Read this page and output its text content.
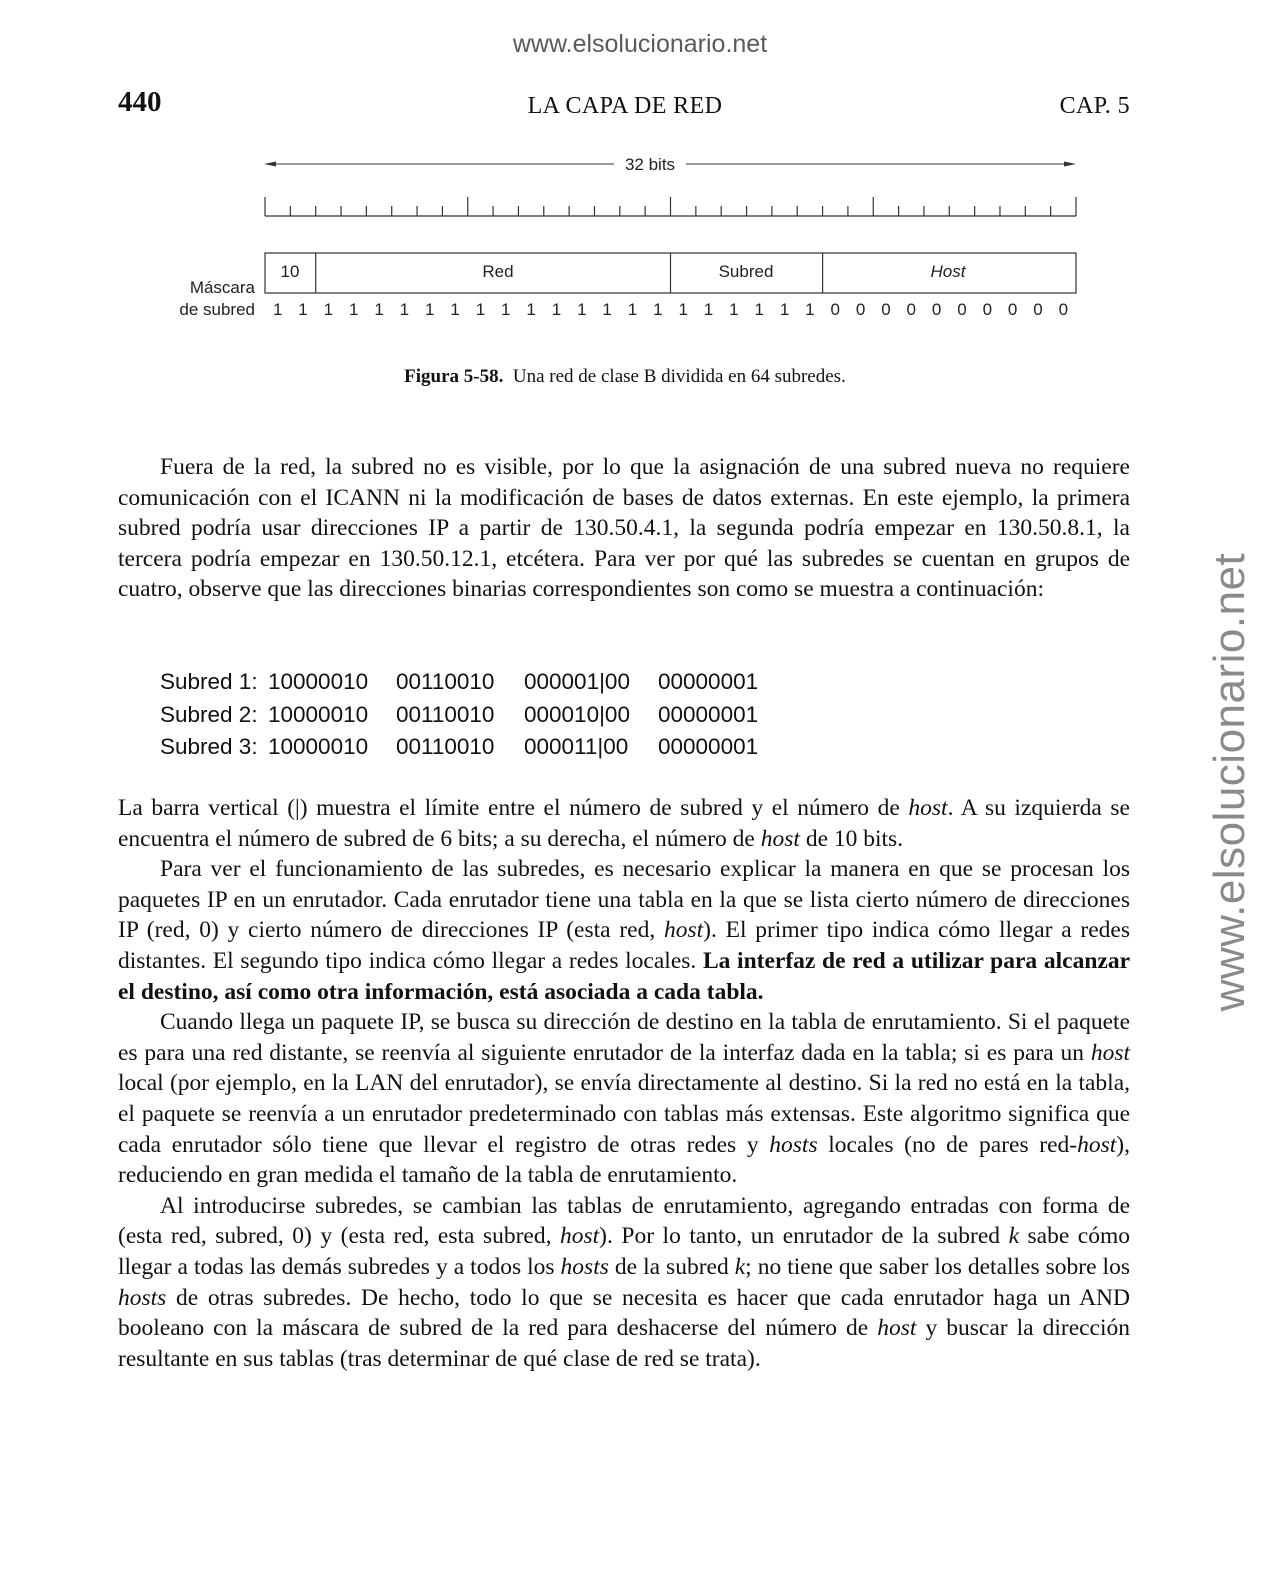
www.elsolucionario.net
www.elsolucionario.net
440	LA CAPA DE RED	CAP. 5
32 bits
10	Red	Subred	Host
Máscara
de subred 1 1 1 1 1 1 1 1 1 1 1 1 1 1 1 1 1 1 1 1 1 1 0 0 0 0 0 0 0 0 0 0
Figura 5-58. Una red de clase B dividida en 64 subredes.

Fuera de la red, la subred no es visible, por lo que la asignación de una subred nueva no requiere comunicación con el ICANN ni la modificación de bases de datos externas. En este ejemplo, la primera subred podría usar direcciones IP a partir de 130.50.4.1, la segunda podría empezar en 130.50.8.1, la tercera podría empezar en 130.50.12.1, etcétera. Para ver por qué las subredes se cuentan en grupos de cuatro, observe que las direcciones binarias correspondientes son como se muestra a continuación:

Subred 1: 10000010 00110010 000001|00 00000001
Subred 2: 10000010 00110010 000010|00 00000001
Subred 3: 10000010 00110010 000011|00 00000001

La barra vertical (|) muestra el límite entre el número de subred y el número de host. A su izquierda se encuentra el número de subred de 6 bits; a su derecha, el número de host de 10 bits.

Para ver el funcionamiento de las subredes, es necesario explicar la manera en que se procesan los paquetes IP en un enrutador. Cada enrutador tiene una tabla en la que se lista cierto número de direcciones IP (red, 0) y cierto número de direcciones IP (esta red, host). El primer tipo indica cómo llegar a redes distantes. El segundo tipo indica cómo llegar a redes locales. La interfaz de red a utilizar para alcanzar el destino, así como otra información, está asociada a cada tabla.

Cuando llega un paquete IP, se busca su dirección de destino en la tabla de enrutamiento. Si el paquete es para una red distante, se reenvía al siguiente enrutador de la interfaz dada en la tabla; si es para un host local (por ejemplo, en la LAN del enrutador), se envía directamente al destino. Si la red no está en la tabla, el paquete se reenvía a un enrutador predeterminado con tablas más extensas. Este algoritmo significa que cada enrutador sólo tiene que llevar el registro de otras redes y hosts locales (no de pares red-host), reduciendo en gran medida el tamaño de la tabla de enrutamiento.

Al introducirse subredes, se cambian las tablas de enrutamiento, agregando entradas con forma de (esta red, subred, 0) y (esta red, esta subred, host). Por lo tanto, un enrutador de la subred k sabe cómo llegar a todas las demás subredes y a todos los hosts de la subred k; no tiene que saber los detalles sobre los hosts de otras subredes. De hecho, todo lo que se necesita es hacer que cada enrutador haga un AND booleano con la máscara de subred de la red para deshacerse del número de host y buscar la dirección resultante en sus tablas (tras determinar de qué clase de red se trata).
